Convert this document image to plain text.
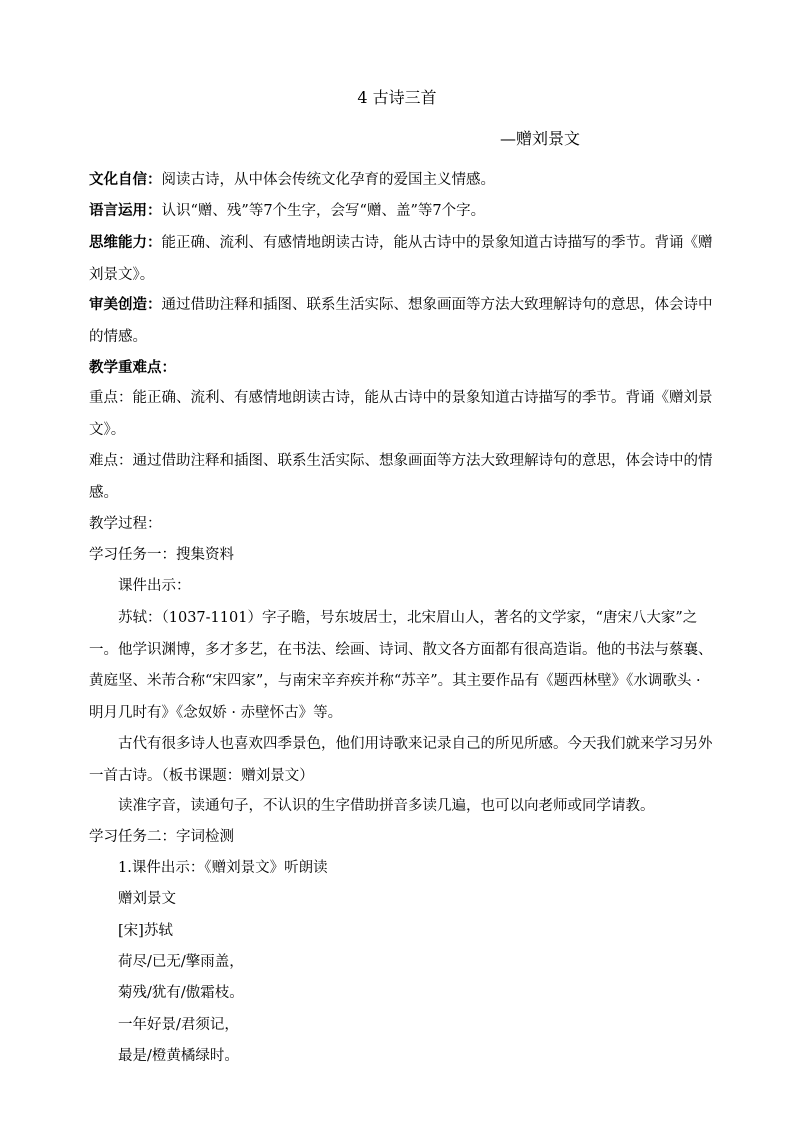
4 古诗三首
—赠刘景文
文化自信：阅读古诗，从中体会传统文化孕育的爱国主义情感。
语言运用：认识“赠、残”等7个生字，会写“赠、盖”等7个字。
思维能力：能正确、流利、有感情地朗读古诗，能从古诗中的景象知道古诗描写的季节。背诵《赠刘景文》。
审美创造：通过借助注释和插图、联系生活实际、想象画面等方法大致理解诗句的意思，体会诗中的情感。
教学重难点：
重点：能正确、流利、有感情地朗读古诗，能从古诗中的景象知道古诗描写的季节。背诵《赠刘景文》。
难点：通过借助注释和插图、联系生活实际、想象画面等方法大致理解诗句的意思，体会诗中的情感。
教学过程：
学习任务一：搜集资料
课件出示：
苏轼：（1037-1101）字子瞻，号东坡居士，北宋眉山人，著名的文学家，“唐宋八大家”之一。他学识渊博，多才多艺，在书法、绘画、诗词、散文各方面都有很高造诣。他的书法与蔡襄、黄庭坚、米芾合称“宋四家”，与南宋辛弃疾并称“苏辛”。其主要作品有《题西林壁》《水调歌头 · 明月几时有》《念奴娇 · 赤壁怀古》等。
古代有很多诗人也喜欢四季景色，他们用诗歌来记录自己的所见所感。今天我们就来学习另外一首古诗。（板书课题：赠刘景文）
读准字音，读通句子，不认识的生字借助拼音多读几遍，也可以向老师或同学请教。
学习任务二：字词检测
1.课件出示：《赠刘景文》听朗读
赠刘景文
[宋]苏轼
荷尽/已无/擎雨盖，
菊残/犹有/傲霜枝。
一年好景/君须记，
最是/橙黄橘绿时。
